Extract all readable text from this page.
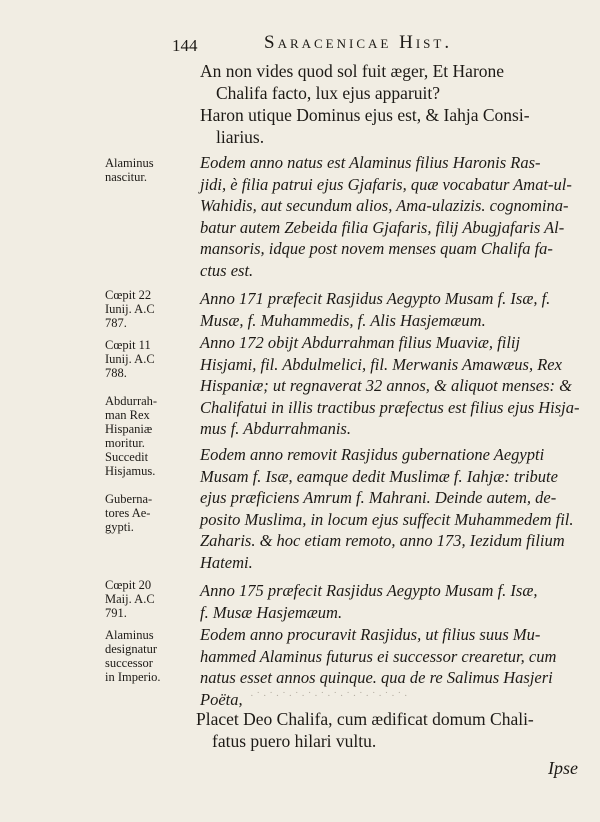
144	Saracenicae Hist.
An non vides quod sol fuit æger, Et Harone
Chalifa facto, lux ejus apparuit?
Haron utique Dominus ejus est, & Iahja Consi-
liarius.
Eodem anno natus est Alaminus filius Haronis Ras-
jidi, è filia patrui ejus Gjafaris, quæ vocabatur Amat-ul-
Wahidis, aut secundum alios, Ama-ulazizis. cognomina-
batur autem Zebeida filia Gjafaris, filij Abugjafaris Al-
mansoris, idque post novem menses quam Chalifa fa-
ctus est.
Anno 171 præfecit Rasjidus Aegypto Musam f. Isæ, f.
Musæ, f. Muhammedis, f. Alis Hasjemæum.
Anno 172 obijt Abdurrahman filius Muaviæ, filij
Hisjami, fil. Abdulmelici, fil. Merwanis Amawæus, Rex
Hispaniæ; ut regnaverat 32 annos, & aliquot menses: &
Chalifatui in illis tractibus præfectus est filius ejus Hisja-
mus f. Abdurrahmanis.
Eodem anno removit Rasjidus gubernatione Aegypti
Musam f. Isæ, eamque dedit Muslimæ f. Iahjæ: tribute
ejus præficiens Amrum f. Mahrani. Deinde autem, de-
posito Muslima, in locum ejus suffecit Muhammedem fil.
Zaharis. & hoc etiam remoto, anno 173, Iezidum filium
Hatemi.
Anno 175 præfecit Rasjidus Aegypto Musam f. Isæ,
f. Musæ Hasjemæum.
Eodem anno procuravit Rasjidus, ut filius suus Mu-
hammed Alaminus futurus ei successor crearetur, cum
natus esset annos quinque. qua de re Salimus Hasjeri
Poëta,
Placet Deo Chalifa, cum ædificat domum Chali-
fatus puero hilari vultu.
Ipse
Alaminus
nascitur.
Cœpit 22
Iunij. A.C
787.
Cœpit 11
Iunij. A.C
788.
Abdurrah-
man Rex
Hispaniæ
moritur.
Succedit
Hisjamus.
Guberna-
tores Ae-
gypti.
Cœpit 20
Maij. A.C
791.
Alaminus
designatur
successor
in Imperio.
· ˙ · ˙ · ˙ · ˙ · ˙ · ˙ · ˙ · ˙ · ˙ · ˙ · ˙ · ˙ ·
